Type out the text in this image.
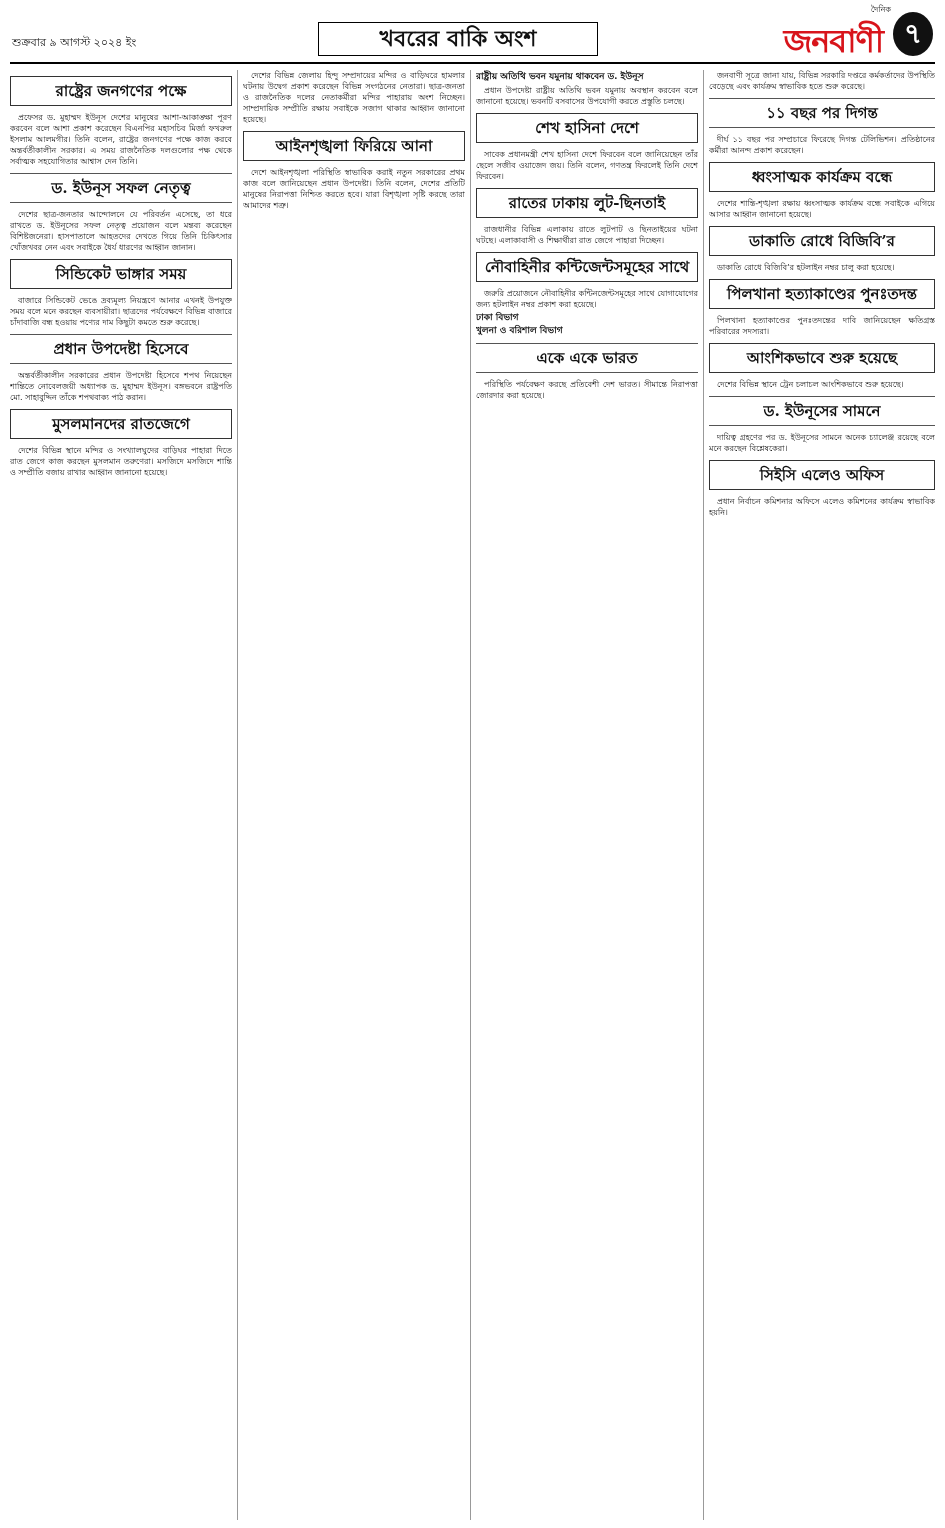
শুক্রবার ৯ আগস্ট ২০২৪ ইং	খবরের বাকি অংশ
দৈনিক
জনবাণী ৭
রাষ্ট্রের জনগণের পক্ষে

প্রফেসর ড. মুহাম্মদ ইউনূস দেশের মানুষের আশা-আকাঙ্ক্ষা পূরণ করবেন বলে আশা প্রকাশ করেছেন বিএনপির মহাসচিব মির্জা ফখরুল ইসলাম আলমগীর। তিনি বলেন, রাষ্ট্রের জনগণের পক্ষে কাজ করবে অন্তর্বর্তীকালীন সরকার। এ সময় রাজনৈতিক দলগুলোর পক্ষ থেকে সর্বাত্মক সহযোগিতার আশ্বাস দেন তিনি।

ড. ইউনূস সফল নেতৃত্ব

দেশের ছাত্র-জনতার আন্দোলনে যে পরিবর্তন এসেছে, তা ধরে রাখতে ড. ইউনূসের সফল নেতৃত্ব প্রয়োজন বলে মন্তব্য করেছেন বিশিষ্টজনেরা। হাসপাতালে আহতদের দেখতে গিয়ে তিনি চিকিৎসার খোঁজখবর নেন এবং সবাইকে ধৈর্য ধারণের আহ্বান জানান।

সিন্ডিকেট ভাঙ্গার সময়

বাজারে সিন্ডিকেট ভেঙে দ্রব্যমূল্য নিয়ন্ত্রণে আনার এখনই উপযুক্ত সময় বলে মনে করছেন ব্যবসায়ীরা। ছাত্রদের পর্যবেক্ষণে বিভিন্ন বাজারে চাঁদাবাজি বন্ধ হওয়ায় পণ্যের দাম কিছুটা কমতে শুরু করেছে।

প্রধান উপদেষ্টা হিসেবে

অন্তর্বর্তীকালীন সরকারের প্রধান উপদেষ্টা হিসেবে শপথ নিয়েছেন শান্তিতে নোবেলজয়ী অধ্যাপক ড. মুহাম্মদ ইউনূস। বঙ্গভবনে রাষ্ট্রপতি মো. সাহাবুদ্দিন তাঁকে শপথবাক্য পাঠ করান।

মুসলমানদের রাতজেগে

দেশের বিভিন্ন স্থানে মন্দির ও সংখ্যালঘুদের বাড়িঘর পাহারা দিতে রাত জেগে কাজ করছেন মুসলমান তরুণেরা। মসজিদে মসজিদে শান্তি ও সম্প্রীতি বজায় রাখার আহ্বান জানানো হয়েছে।

দেশের বিভিন্ন জেলায় হিন্দু সম্প্রদায়ের মন্দির ও বাড়িঘরে হামলার ঘটনায় উদ্বেগ প্রকাশ করেছেন বিভিন্ন সংগঠনের নেতারা। ছাত্র-জনতা ও রাজনৈতিক দলের নেতাকর্মীরা মন্দির পাহারায় অংশ নিচ্ছেন। সাম্প্রদায়িক সম্প্রীতি রক্ষায় সবাইকে সজাগ থাকার আহ্বান জানানো হয়েছে।

আইনশৃঙ্খলা ফিরিয়ে আনা

দেশে আইনশৃঙ্খলা পরিস্থিতি স্বাভাবিক করাই নতুন সরকারের প্রথম কাজ বলে জানিয়েছেন প্রধান উপদেষ্টা। তিনি বলেন, দেশের প্রতিটি মানুষের নিরাপত্তা নিশ্চিত করতে হবে। যারা বিশৃঙ্খলা সৃষ্টি করছে তারা আমাদের শত্রু।

রাষ্ট্রীয় অতিথি ভবন যমুনায় থাকবেন ড. ইউনূস

প্রধান উপদেষ্টা রাষ্ট্রীয় অতিথি ভবন যমুনায় অবস্থান করবেন বলে জানানো হয়েছে। ভবনটি বসবাসের উপযোগী করতে প্রস্তুতি চলছে।

শেখ হাসিনা দেশে

সাবেক প্রধানমন্ত্রী শেখ হাসিনা দেশে ফিরবেন বলে জানিয়েছেন তাঁর ছেলে সজীব ওয়াজেদ জয়। তিনি বলেন, গণতন্ত্র ফিরলেই তিনি দেশে ফিরবেন।

রাতের ঢাকায় লুট-ছিনতাই

রাজধানীর বিভিন্ন এলাকায় রাতে লুটপাট ও ছিনতাইয়ের ঘটনা ঘটছে। এলাকাবাসী ও শিক্ষার্থীরা রাত জেগে পাহারা দিচ্ছেন।

নৌবাহিনীর কন্টিজেন্টসমূহের সাথে

জরুরি প্রয়োজনে নৌবাহিনীর কন্টিনজেন্টসমূহের সাথে যোগাযোগের জন্য হটলাইন নম্বর প্রকাশ করা হয়েছে।

ঢাকা বিভাগ
খুলনা ও বরিশাল বিভাগ
একে একে ভারত

পরিস্থিতি পর্যবেক্ষণ করছে প্রতিবেশী দেশ ভারত। সীমান্তে নিরাপত্তা জোরদার করা হয়েছে।

জনবাণী সূত্রে জানা যায়, বিভিন্ন সরকারি দপ্তরে কর্মকর্তাদের উপস্থিতি বেড়েছে এবং কার্যক্রম স্বাভাবিক হতে শুরু করেছে।

১১ বছর পর দিগন্ত

দীর্ঘ ১১ বছর পর সম্প্রচারে ফিরেছে দিগন্ত টেলিভিশন। প্রতিষ্ঠানের কর্মীরা আনন্দ প্রকাশ করেছেন।

ধ্বংসাত্মক কার্যক্রম বন্ধে

দেশের শান্তি-শৃঙ্খলা রক্ষায় ধ্বংসাত্মক কার্যক্রম বন্ধে সবাইকে এগিয়ে আসার আহ্বান জানানো হয়েছে।

ডাকাতি রোধে বিজিবি’র

ডাকাতি রোধে বিজিবি’র হটলাইন নম্বর চালু করা হয়েছে।

পিলখানা হত্যাকাণ্ডের পুনঃতদন্ত

পিলখানা হত্যাকাণ্ডের পুনঃতদন্তের দাবি জানিয়েছেন ক্ষতিগ্রস্ত পরিবারের সদস্যরা।

আংশিকভাবে শুরু হয়েছে

দেশের বিভিন্ন স্থানে ট্রেন চলাচল আংশিকভাবে শুরু হয়েছে।

ড. ইউনূসের সামনে

দায়িত্ব গ্রহণের পর ড. ইউনূসের সামনে অনেক চ্যালেঞ্জ রয়েছে বলে মনে করছেন বিশ্লেষকেরা।

সিইসি এলেও অফিস

প্রধান নির্বাচন কমিশনার অফিসে এলেও কমিশনের কার্যক্রম স্বাভাবিক হয়নি।
